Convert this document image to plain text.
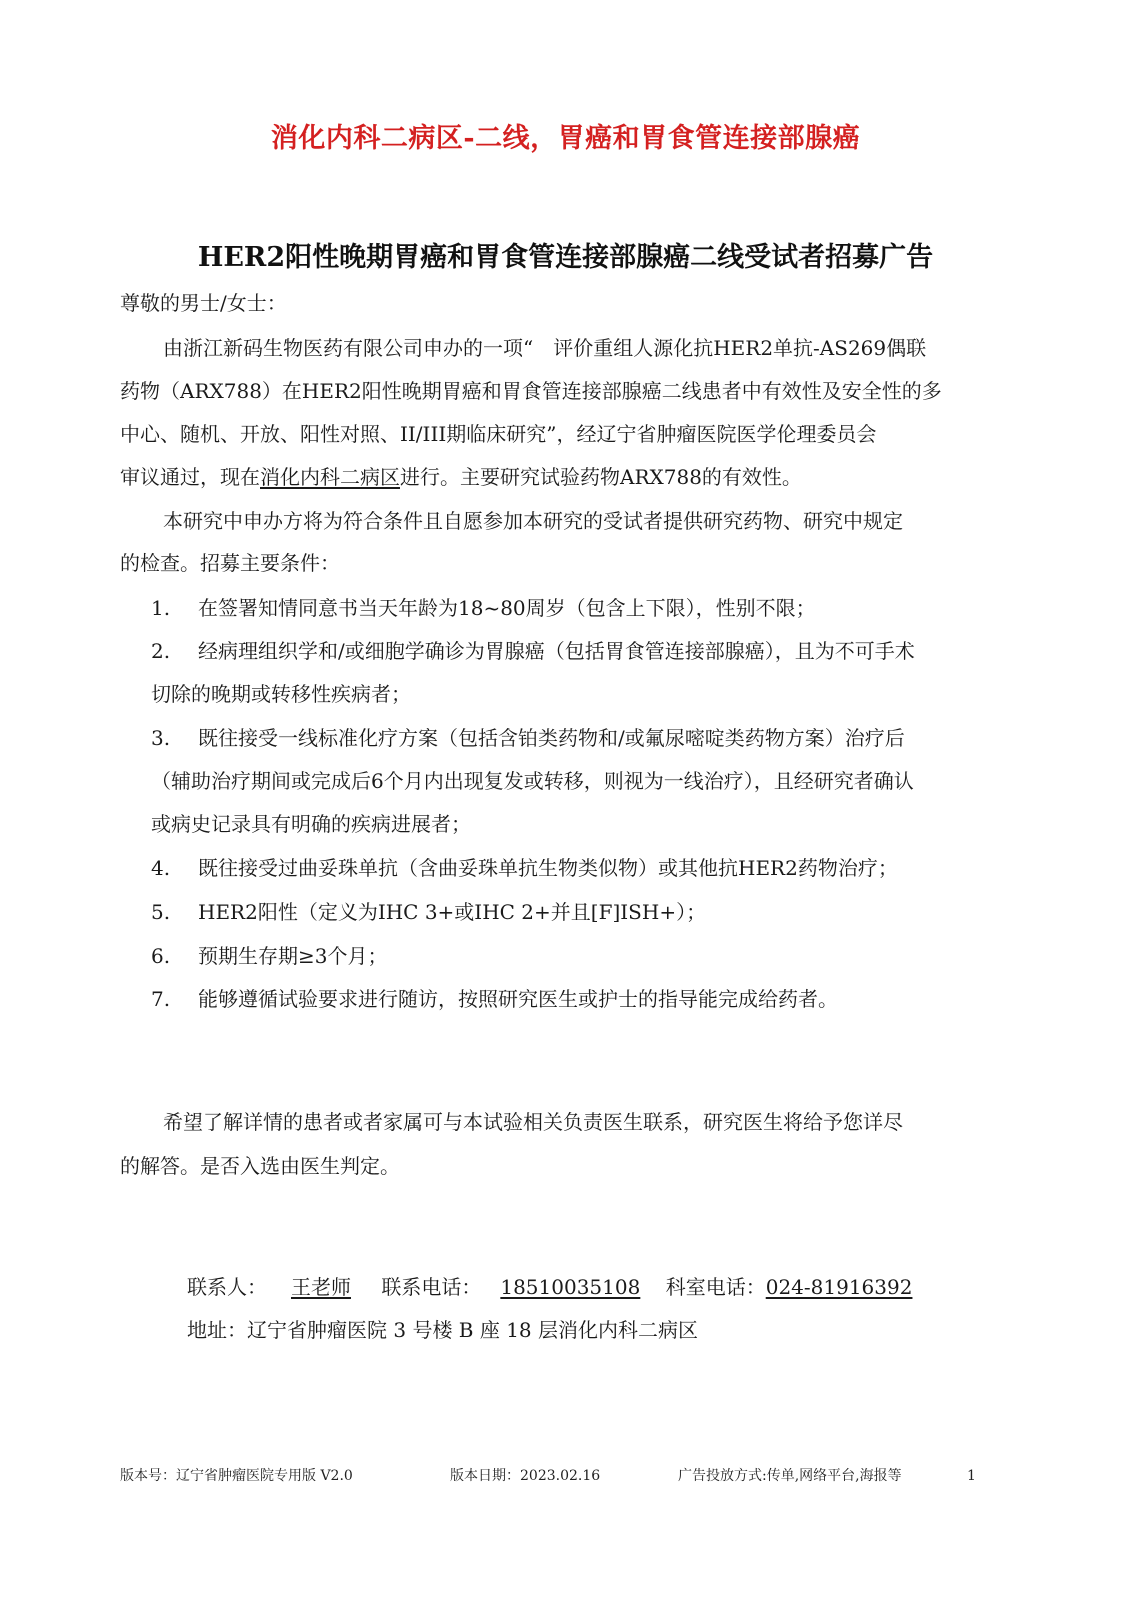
消化内科二病区-二线，胃癌和胃食管连接部腺癌
HER2阳性晚期胃癌和胃食管连接部腺癌二线受试者招募广告
尊敬的男士/女士：
由浙江新码生物医药有限公司申办的一项“　评价重组人源化抗HER2单抗-AS269偶联
药物（ARX788）在HER2阳性晚期胃癌和胃食管连接部腺癌二线患者中有效性及安全性的多
中心、随机、开放、阳性对照、II/III期临床研究”，经辽宁省肿瘤医院医学伦理委员会
审议通过，现在消化内科二病区进行。主要研究试验药物ARX788的有效性。
本研究中申办方将为符合条件且自愿参加本研究的受试者提供研究药物、研究中规定
的检查。招募主要条件：
1. 在签署知情同意书当天年龄为18~80周岁（包含上下限），性别不限；
2. 经病理组织学和/或细胞学确诊为胃腺癌（包括胃食管连接部腺癌），且为不可手术
切除的晚期或转移性疾病者；
3. 既往接受一线标准化疗方案（包括含铂类药物和/或氟尿嘧啶类药物方案）治疗后
（辅助治疗期间或完成后6个月内出现复发或转移，则视为一线治疗），且经研究者确认
或病史记录具有明确的疾病进展者；
4. 既往接受过曲妥珠单抗（含曲妥珠单抗生物类似物）或其他抗HER2药物治疗；
5. HER2阳性（定义为IHC 3+或IHC 2+并且[F]ISH+）；
6. 预期生存期≥3个月；
7. 能够遵循试验要求进行随访，按照研究医生或护士的指导能完成给药者。
希望了解详情的患者或者家属可与本试验相关负责医生联系，研究医生将给予您详尽
的解答。是否入选由医生判定。
联系人： 王老师 联系电话： 18510035108 科室电话：024-81916392
地址：辽宁省肿瘤医院 3 号楼 B 座 18 层消化内科二病区
版本号：辽宁省肿瘤医院专用版 V2.0	版本日期：2023.02.16	广告投放方式:传单,网络平台,海报等	1
